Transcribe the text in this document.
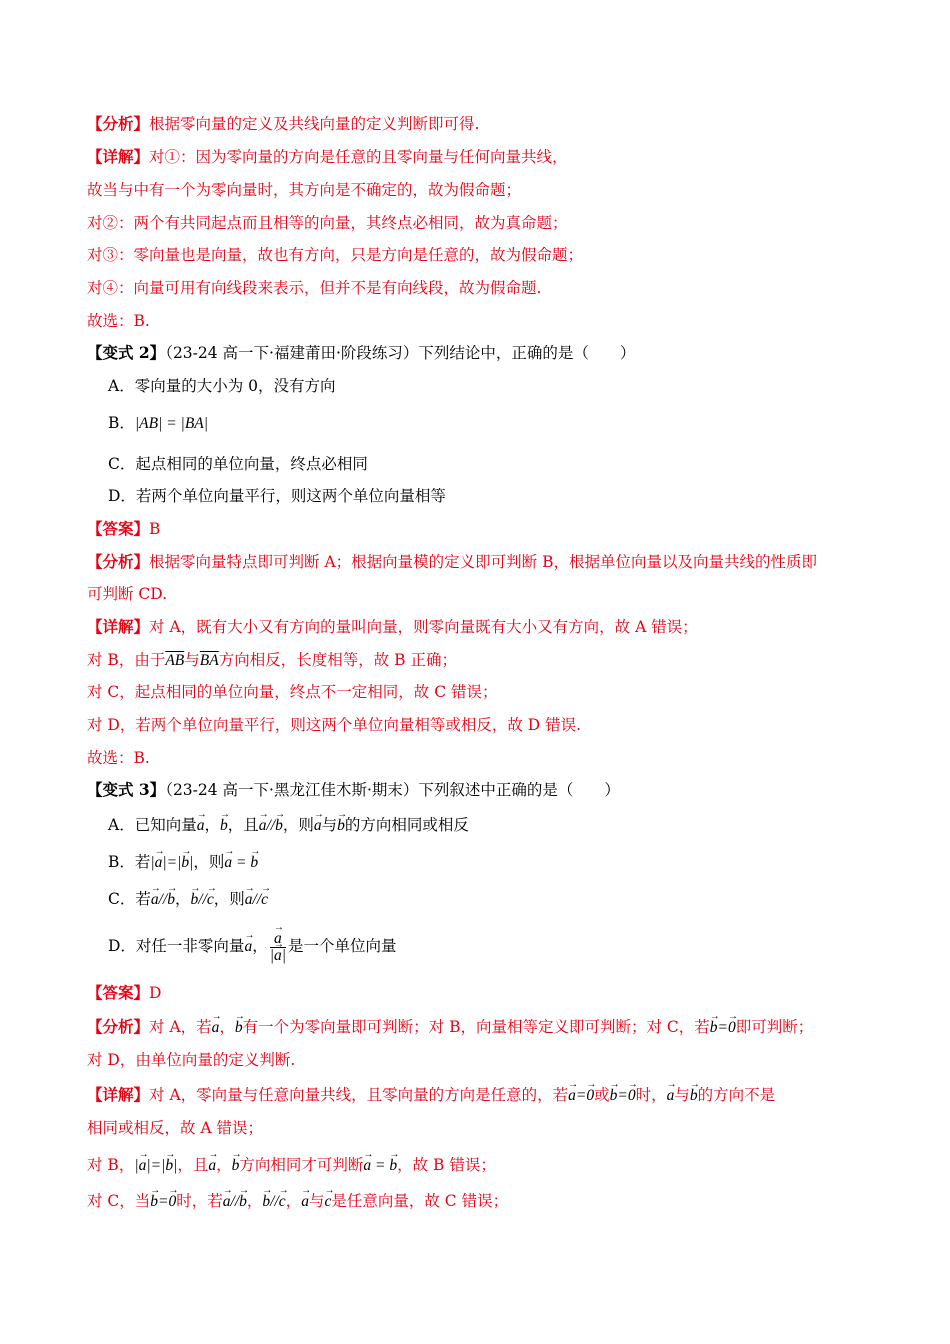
【分析】根据零向量的定义及共线向量的定义判断即可得.
【详解】对①：因为零向量的方向是任意的且零向量与任何向量共线，
故当与中有一个为零向量时，其方向是不确定的，故为假命题；
对②：两个有共同起点而且相等的向量，其终点必相同，故为真命题；
对③：零向量也是向量，故也有方向，只是方向是任意的，故为假命题；
对④：向量可用有向线段来表示，但并不是有向线段，故为假命题.
故选：B.
【变式 2】（23-24 高一下·福建莆田·阶段练习）下列结论中，正确的是（　　）
A．零向量的大小为 0，没有方向
B．|AB| = |BA|
C．起点相同的单位向量，终点必相同
D．若两个单位向量平行，则这两个单位向量相等
【答案】B
【分析】根据零向量特点即可判断 A；根据向量模的定义即可判断 B，根据单位向量以及向量共线的性质即
可判断 CD.
【详解】对 A，既有大小又有方向的量叫向量，则零向量既有大小又有方向，故 A 错误；
对 B，由于$\overline{AB}$与$\overline{BA}$方向相反，长度相等，故 B 正确；
对 C，起点相同的单位向量，终点不一定相同，故 C 错误；
对 D，若两个单位向量平行，则这两个单位向量相等或相反，故 D 错误.
故选：B.
【变式 3】（23-24 高一下·黑龙江佳木斯·期末）下列叙述中正确的是（　　）
A．已知向量→ a，→ b，且→ a//→ b，则→ a与→ b的方向相同或相反
B．若|→ a|=|→ b|，则→ a = → b
C．若→ a//→ b，→ b//→ c，则→ a//→ c
D．对任一非零向量→ a， → $\frac{a}{|\to a|}$ 是一个单位向量
【答案】D
【分析】对 A，若→ a，→ b有一个为零向量即可判断；对 B，向量相等定义即可判断；对 C，若→ b=→ 0即可判断；
对 D，由单位向量的定义判断.
【详解】对 A，零向量与任意向量共线，且零向量的方向是任意的，若→ a=→ 0或→ b=→ 0时，→ a与→ b的方向不是
相同或相反，故 A 错误；
对 B，|→ a|=|→ b|，且→ a，→ b方向相同才可判断→ a = → b，故 B 错误；
对 C，当→ b=→ 0时，若→ a//→ b，→ b//→ c，→ a与→ c是任意向量，故 C 错误；
